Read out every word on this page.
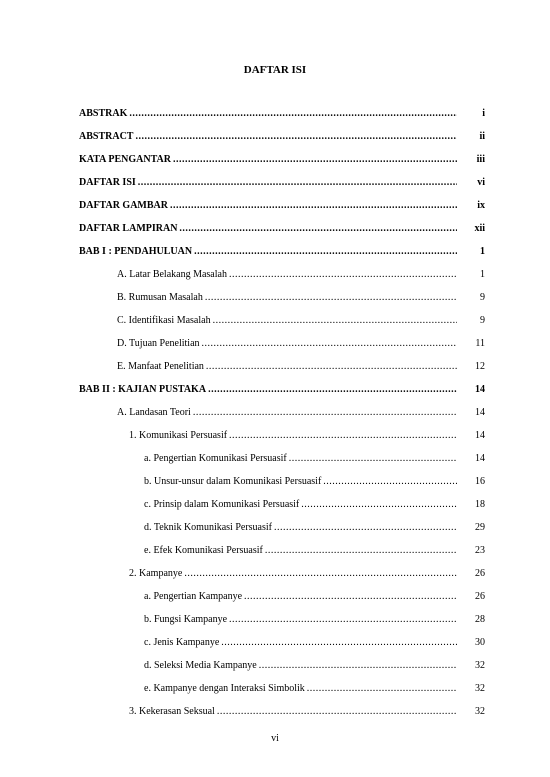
DAFTAR ISI
ABSTRAK .....	i
ABSTRACT .....	ii
KATA PENGANTAR .....	iii
DAFTAR ISI .....	vi
DAFTAR GAMBAR .....	ix
DAFTAR LAMPIRAN .....	xii
BAB I : PENDAHULUAN .....	1
A. Latar Belakang Masalah .....	1
B. Rumusan Masalah .....	9
C. Identifikasi Masalah .....	9
D. Tujuan Penelitian .....	11
E. Manfaat Penelitian .....	12
BAB II : KAJIAN PUSTAKA .....	14
A. Landasan Teori .....	14
1. Komunikasi Persuasif .....	14
a. Pengertian Komunikasi Persuasif .....	14
b. Unsur-unsur dalam Komunikasi Persuasif .....	16
c. Prinsip dalam Komunikasi Persuasif .....	18
d. Teknik Komunikasi Persuasif .....	29
e. Efek Komunikasi Persuasif .....	23
2. Kampanye .....	26
a. Pengertian Kampanye .....	26
b. Fungsi Kampanye .....	28
c. Jenis Kampanye .....	30
d. Seleksi Media Kampanye .....	32
e. Kampanye dengan Interaksi Simbolik .....	32
3. Kekerasan Seksual .....	32
vi
